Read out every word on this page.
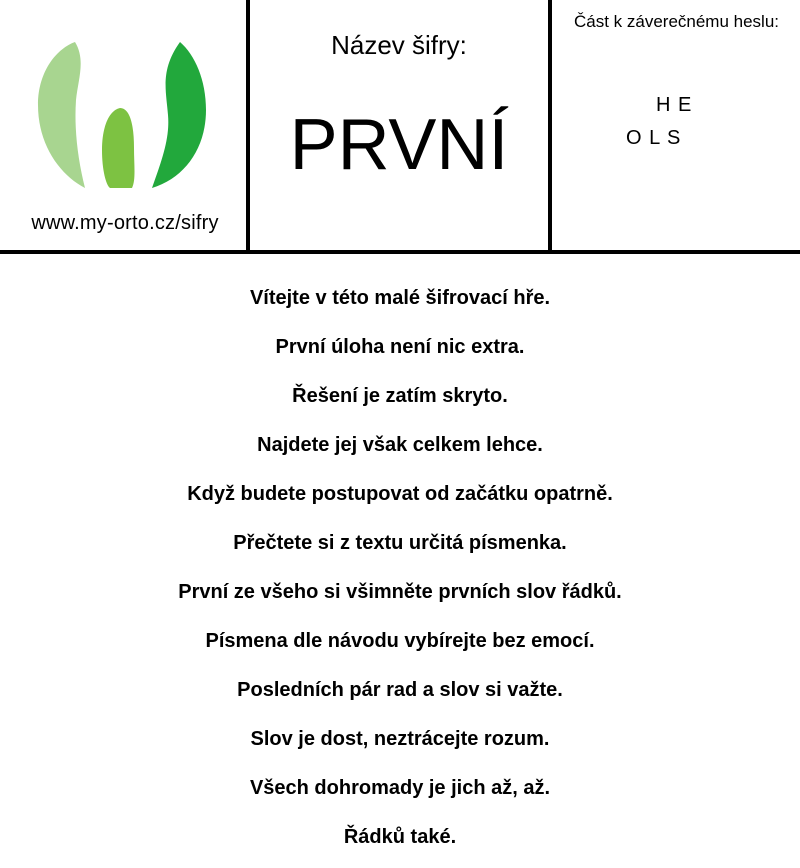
www.my-orto.cz/sifry
Název šifry:
PRVNÍ
Část k záverečnému heslu:
H E
O L S
Vítejte v této malé šifrovací hře.
První úloha není nic extra.
Řešení je zatím skryto.
Najdete jej však celkem lehce.
Když budete postupovat od začátku opatrně.
Přečtete si z textu určitá písmenka.
První ze všeho si všimněte prvních slov řádků.
Písmena dle návodu vybírejte bez emocí.
Posledních pár rad a slov si važte.
Slov je dost, neztrácejte rozum.
Všech dohromady je jich až, až.
Řádků také.
